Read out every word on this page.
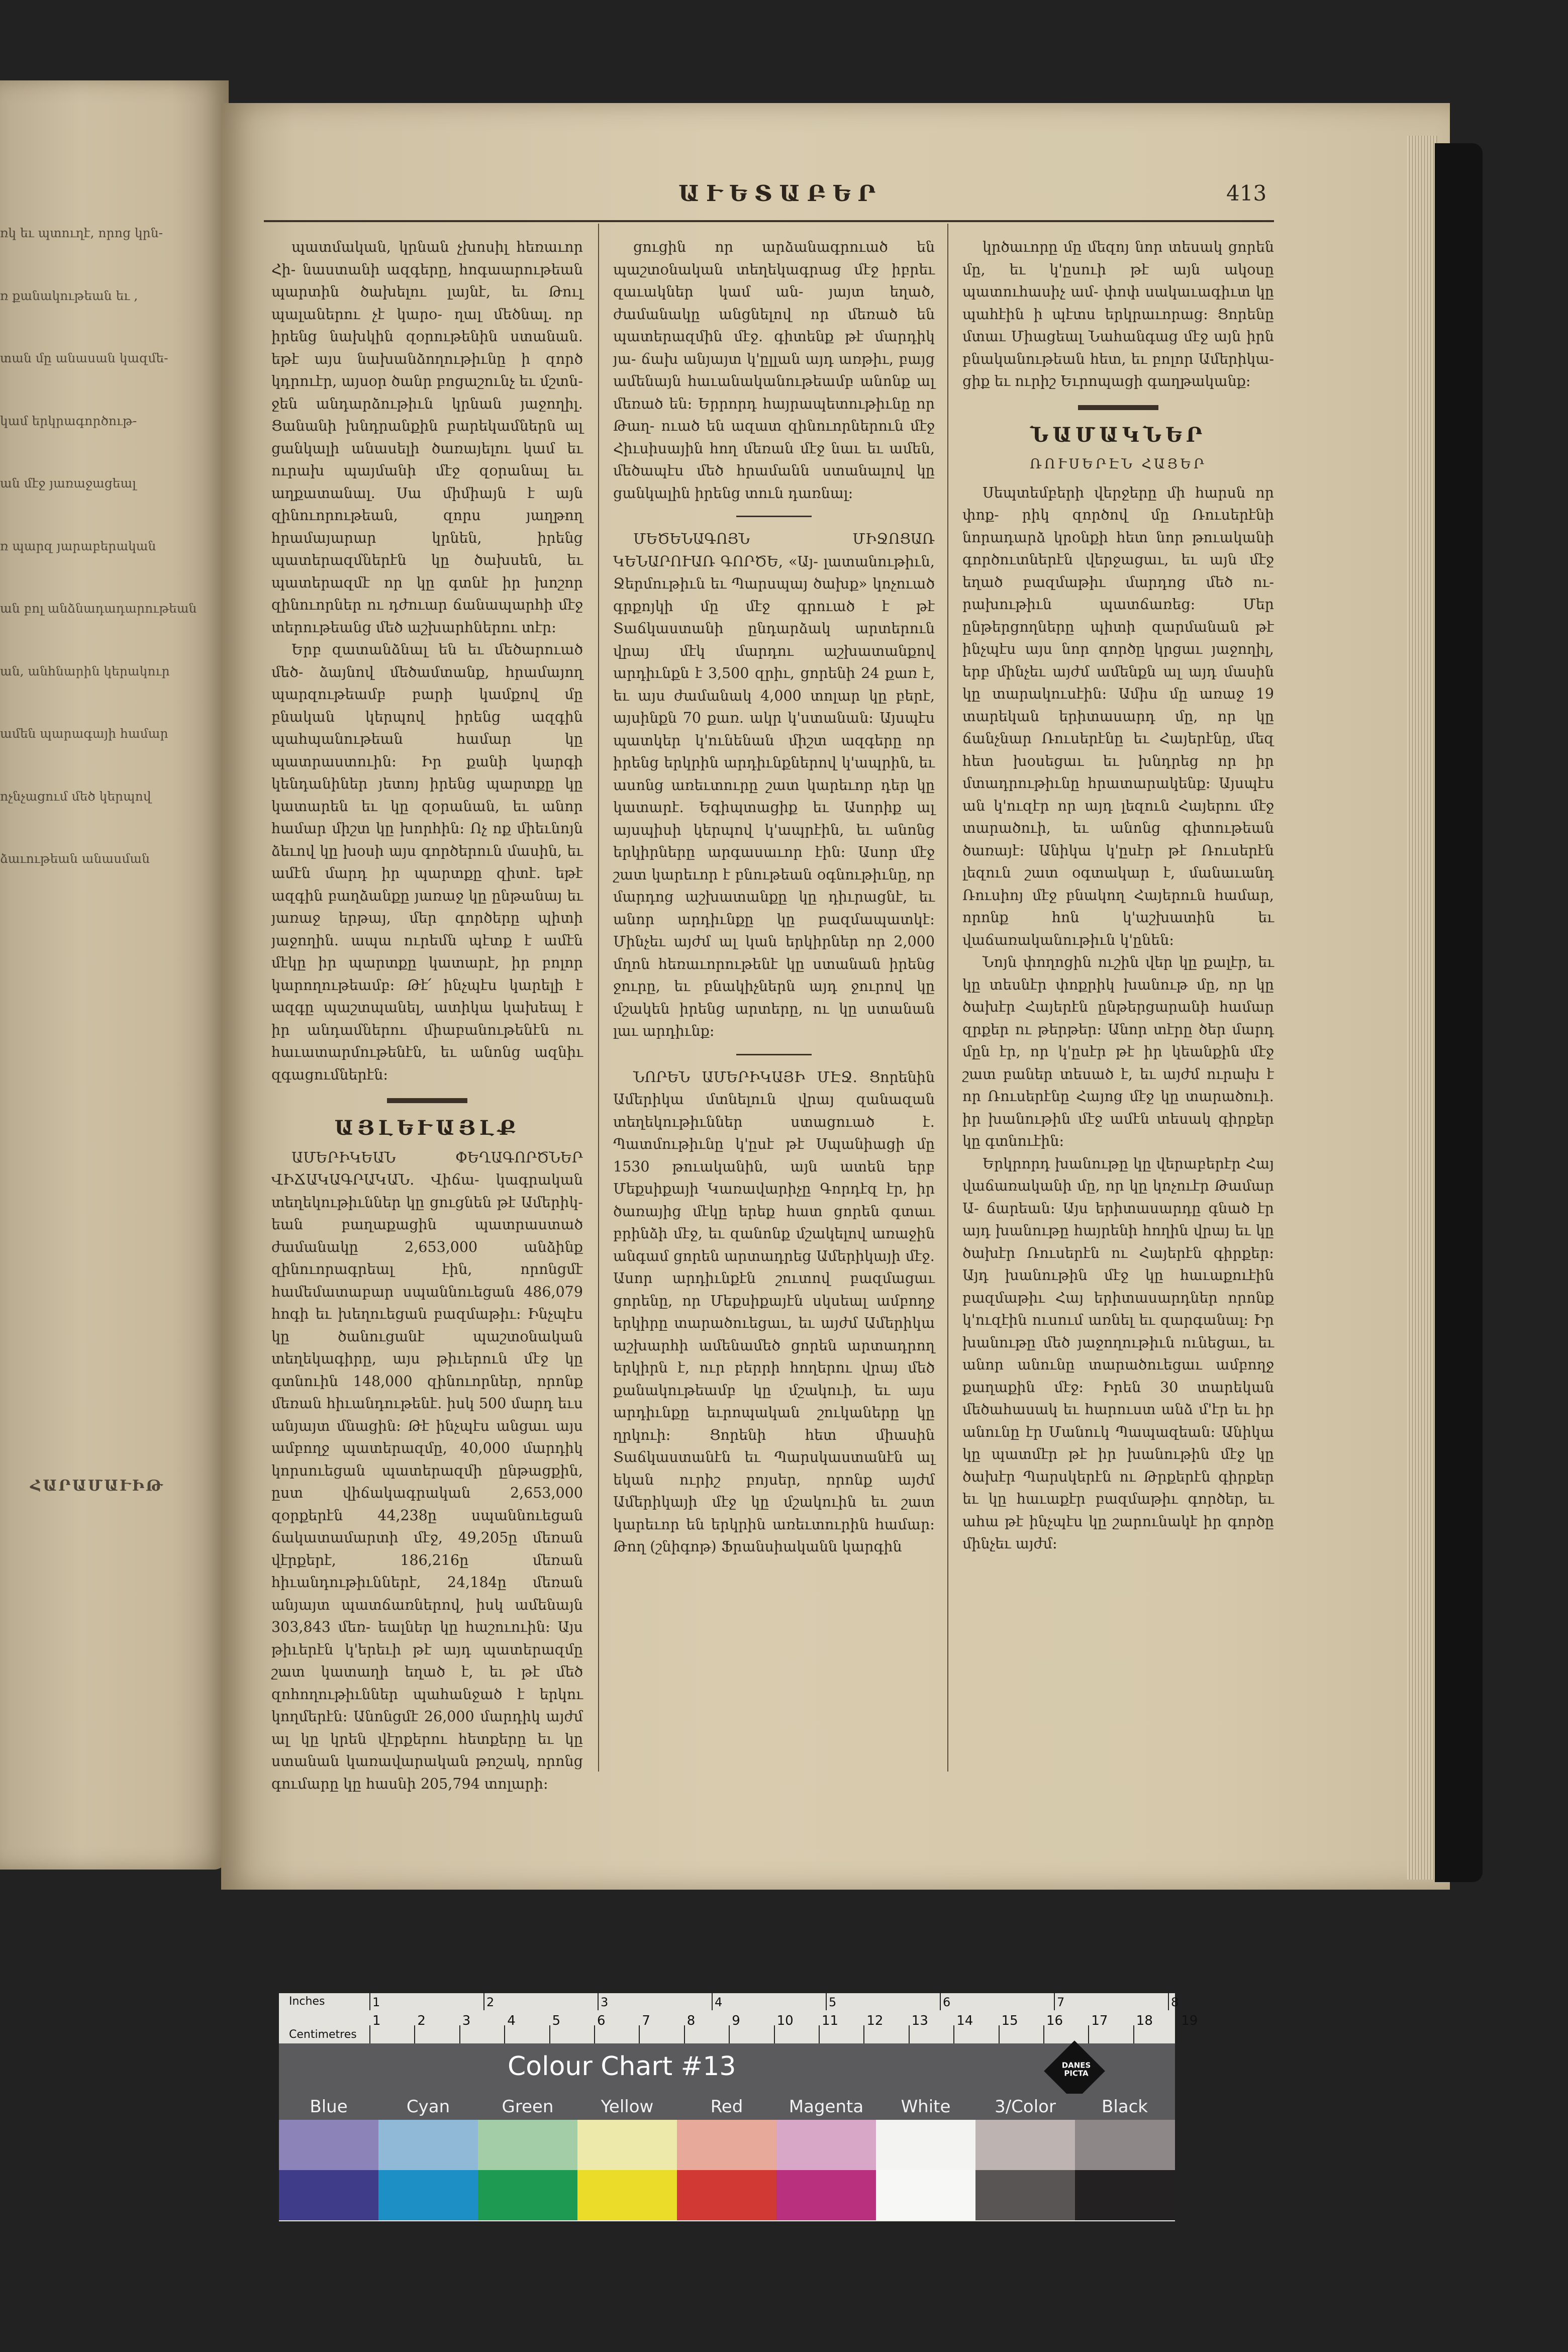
ռկ եւ պտուղէ, որոց կրն-

ռ քանակութեան եւ ,

տան մը անասան կազմե-

կամ երկրագործութ-

ան մէջ յառաջացեալ

ռ պարզ յարաբերական

ան բոլ անձնադադարութեան

ան, անհնարին կերակուր

ամեն պարագայի համար

ոչնչացում մեծ կերպով

ձաւութեան անասման

ՀԱՐԱՄԱՒԻԹ

ԱՒԵՏԱԲԵՐ	413

պատմական, կրնան չխոսիլ հեռաւոր Հի- նաստանի ազգերը, հոգաարութեան պարտին ծախելու լայնէ, եւ Թուլ պալաներու չէ կարօ- ղալ մեծնալ. որ իրենց նախկին զօրութենին ստանան․ եթէ այս նախանձողութիւնը ի զործ կդրուէր, այսօր ծանր բոցաշունչ եւ մշտն- ջեն անդարձութիւն կրնան յաջողիլ․ Ցանանի խնդրանքին բարեկամներն ալ ցանկալի անասելի ծառայելու կամ եւ ուրախ պայմանի մէջ զօրանալ եւ աղքատանալ. Սա միմիայն է այն զինուորութեան, զորս յաղթող հրամայարար կրնեն, իրենց պատերազմներէն կը ծախսեն, եւ պատերազմէ որ կը գտնէ իր խոշոր զինուորներ ու դժուար ճանապարհի մէջ տերութեանց մեծ աշխարհներու տէր։

Երբ զատանձնալ են եւ մեծարուած մեծ- ձայնով մեծամտանք, հրամայող պարզութեամբ բարի կամքով մը բնական կերպով իրենց ազգին պահպանութեան համար կը պատրաստուին։ Իր քանի կարգի կենդանիներ յետոյ իրենց պարտքը կը կատարեն եւ կը զօրանան, եւ անոր համար միշտ կը խորհին։ Ոչ ոք միեւնոյն ձեւով կը խօսի այս գործերուն մասին, եւ ամէն մարդ իր պարտքը զիտէ․ եթէ ազգին բաղձանքը յառաջ կը ընթանայ եւ յառաջ երթայ, մեր գործերը պիտի յաջողին․ ապա ուրեմն պէտք է ամէն մէկը իր պարտքը կատարէ, իր բոլոր կարողութեամբ։ Թէ՛ ինչպէս կարելի է ազգը պաշտպանել, ատիկա կախեալ է իր անդամներու միաբանութենէն ու հաւատարմութենէն, եւ անոնց ազնիւ զգացումներէն։

ԱՅԼԵՒԱՅԼՔ

ԱՄԵՐԻԿԵԱՆ ՓԵՂԱԳՈՐԾՆԵՐ ՎԻՃԱԿԱԳՐԱԿԱՆ. Վիճա- կագրական տեղեկութիւններ կը ցուցնեն թէ Ամերիկ- եան բաղաքացին պատրաստած ժամանակը 2,653,000 անձինք զինուորագրեալ էին, որոնցմէ համեմատաբար սպաննուեցան 486,079 հոգի եւ խեղուեցան բազմաթիւ։ Ինչպէս կը ծանուցանէ պաշտօնական տեղեկագիրը, այս թիւերուն մէջ կը գտնուին 148,000 զինուորներ, որոնք մեռան հիւանդութենէ․ իսկ 500 մարդ եւս անյայտ մնացին։ Թէ ինչպէս անցաւ այս ամբողջ պատերազմը, 40,000 մարդիկ կորսուեցան պատերազմի ընթացքին, ըստ վիճակագրական 2,653,000 զօրքերէն 44,238ը սպաննուեցան ճակատամարտի մէջ, 49,205ը մեռան վէրքերէ, 186,216ը մեռան հիւանդութիւններէ, 24,184ը մեռան անյայտ պատճառներով, իսկ ամենայն 303,843 մեռ- եալներ կը հաշուուին։ Այս թիւերէն կ'երեւի թէ այդ պատերազմը շատ կատաղի եղած է, եւ թէ մեծ զոհողութիւններ պահանջած է երկու կողմերէն։ Անոնցմէ 26,000 մարդիկ այժմ ալ կը կրեն վէրքերու հետքերը եւ կը ստանան կառավարական թոշակ, որոնց գումարը կը հասնի 205,794 տոլարի։

ցուցին որ արձանագրուած են պաշտօնական տեղեկագրաց մէջ իբրեւ զաւակներ կամ ան- յայտ եղած, ժամանակը անցնելով որ մեռած են պատերազմին մէջ. գիտենք թէ մարդիկ յա- ճախ անյայտ կ'ըլլան այդ առթիւ, բայց ամենայն հաւանականութեամբ անոնք ալ մեռած են։ Երրորդ հայրապետութիւնը որ Թաղ- ուած են ազատ զինուորներուն մէջ Հիւսիսային հող մեռան մէջ նաւ եւ ամեն, մեծապէս մեծ հրամանն ստանալով կը ցանկալին իրենց տուն դառնալ։

ՄԵԾԵՆԱԳՈՅՆ ՄԻՋՈՑԱՌ ԿԵՆԱՐՈՒԱՌ ԳՈՐԾԵ, «Այ- լատանութիւն, Ջերմութիւն եւ Պարսպայ ծախք» կոչուած գրքոյկի մը մէջ գրուած է թէ Տաճկաստանի ընդարձակ արտերուն վրայ մէկ մարդու աշխատանքով արդիւնքն է 3,500 զրիւ, ցորենի 24 քառ է, եւ այս ժամանակ 4,000 տոլար կը բերէ, այսինքն 70 քառ. ակր կ'ստանան։ Այսպէս պատկեր կ'ունենան միշտ ազգերը որ իրենց երկրին արդիւնքներով կ'ապրին, եւ ասոնց առեւտուրը շատ կարեւոր դեր կը կատարէ․ Եգիպտացիք եւ Ասորիք ալ այսպիսի կերպով կ'ապրէին, եւ անոնց երկիրները արգասաւոր էին։ Ասոր մէջ շատ կարեւոր է բնութեան օգնութիւնը, որ մարդոց աշխատանքը կը դիւրացնէ, եւ անոր արդիւնքը կը բազմապատկէ։ Մինչեւ այժմ ալ կան երկիրներ որ 2,000 մղոն հեռաւորութենէ կը ստանան իրենց ջուրը, եւ բնակիչներն այդ ջուրով կը մշակեն իրենց արտերը, ու կը ստանան լաւ արդիւնք։

ՆՈՐԵՆ ԱՄԵՐԻԿԱՅԻ ՄԷՋ․ Ցորենին Ամերիկա մտնելուն վրայ զանազան տեղեկութիւններ ստացուած է․ Պատմութիւնը կ'ըսէ թէ Սպանիացի մը 1530 թուականին, այն ատեն երբ Մեքսիքայի Կառավարիչը Գորդէզ էր, իր ծառայից մէկը երեք հատ ցորեն գտաւ բրինձի մէջ, եւ զանոնք մշակելով առաջին անգամ ցորեն արտադրեց Ամերիկայի մէջ․ Ասոր արդիւնքէն շուտով բազմացաւ ցորենը, որ Մեքսիքայէն սկսեալ ամբողջ երկիրը տարածուեցաւ, եւ այժմ Ամերիկա աշխարհի ամենամեծ ցորեն արտադրող երկիրն է, ուր բերրի հողերու վրայ մեծ քանակութեամբ կը մշակուի, եւ այս արդիւնքը եւրոպական շուկաները կը ղրկուի։ Ցորենի հետ միասին Տաճկաստանէն եւ Պարսկաստանէն ալ եկան ուրիշ բոյսեր, որոնք այժմ Ամերիկայի մէջ կը մշակուին եւ շատ կարեւոր են երկրին առեւտուրին համար։ Թող (շնիգոթ) Ֆրանսիականն կարգին

կրծաւորը մը մեզոյ նոր տեսակ ցորեն մը, եւ կ'ըսուի թէ այն ակօսը պատուհասիչ ամ- փոփ սակաւագիւտ կը պահէին ի պէտս երկրաւորաց։ Ցորենը մտաւ Միացեալ Նահանգաց մէջ այն իրն բնականութեան հետ, եւ բոլոր Ամերիկա- ցիք եւ ուրիշ Եւրոպացի գաղթականք։

ՆԱՄԱԿՆԵՐ
ՌՈՒՍԵՐԷՆ ՀԱՅԵՐ

Սեպտեմբերի վերջերը մի հարսն որ փոք- րիկ զործով մը Ռուսերէնի նորադարձ կրօնքի հետ նոր թուականի գործուտներէն վերջացաւ, եւ այն մէջ եղած բազմաթիւ մարդոց մեծ ու- րախութիւն պատճառեց։ Մեր ընթերցողները պիտի զարմանան թէ ինչպէս այս նոր գործը կրցաւ յաջողիլ, երբ մինչեւ այժմ ամենքն ալ այդ մասին կը տարակուսէին։ Ամիս մը առաջ 19 տարեկան երիտասարդ մը, որ կը ճանչնար Ռուսերէնը եւ Հայերէնը, մեզ հետ խօսեցաւ եւ խնդրեց որ իր մտադրութիւնը հրատարակենք։ Այսպէս ան կ'ուզէր որ այդ լեզուն Հայերու մէջ տարածուի, եւ անոնց գիտութեան ծառայէ։ Անիկա կ'ըսէր թէ Ռուսերէն լեզուն շատ օգտակար է, մանաւանդ Ռուսիոյ մէջ բնակող Հայերուն համար, որոնք հոն կ'աշխատին եւ վաճառականութիւն կ'ընեն։

Նոյն փողոցին ուշին վեր կը քալէր, եւ կը տեսնէր փոքրիկ խանութ մը, որ կը ծախէր Հայերէն ընթերցարանի համար զրքեր ու թերթեր։ Անոր տէրը ծեր մարդ մըն էր, որ կ'ըսէր թէ իր կեանքին մէջ շատ բաներ տեսած է, եւ այժմ ուրախ է որ Ռուսերէնը Հայոց մէջ կը տարածուի․ իր խանութին մէջ ամէն տեսակ գիրքեր կը գտնուէին։

Երկրորդ խանութը կը վերաբերէր Հայ վաճառականի մը, որ կը կոչուէր Թամար Ա- ճարեան։ Այս երիտասարդը գնած էր այդ խանութը հայրենի հողին վրայ եւ կը ծախէր Ռուսերէն ու Հայերէն գիրքեր։ Այդ խանութին մէջ կը հաւաքուէին բազմաթիւ Հայ երիտասարդներ որոնք կ'ուզէին ուսում առնել եւ զարգանալ։ Իր խանութը մեծ յաջողութիւն ունեցաւ, եւ անոր անունը տարածուեցաւ ամբողջ քաղաքին մէջ։ Իրեն 30 տարեկան մեծահասակ եւ հարուստ անձ մ'էր եւ իր անունը էր Մանուկ Պապազեան։ Անիկա կը պատմէր թէ իր խանութին մէջ կը ծախէր Պարսկերէն ու Թրքերէն գիրքեր եւ կը հաւաքէր բազմաթիւ գործեր, եւ ահա թէ ինչպէս կը շարունակէ իր գործը մինչեւ այժմ։

Inches
Centimetres
1	2	3	4	5	6	7	8
1	2	3	4	5	6	7	8	9	10 11 12 13 14 15 16 17 18 19
Colour Chart #13	DANES PICTA
Blue	Cyan	Green	Yellow	Red	Magenta	White	3/Color	Black
